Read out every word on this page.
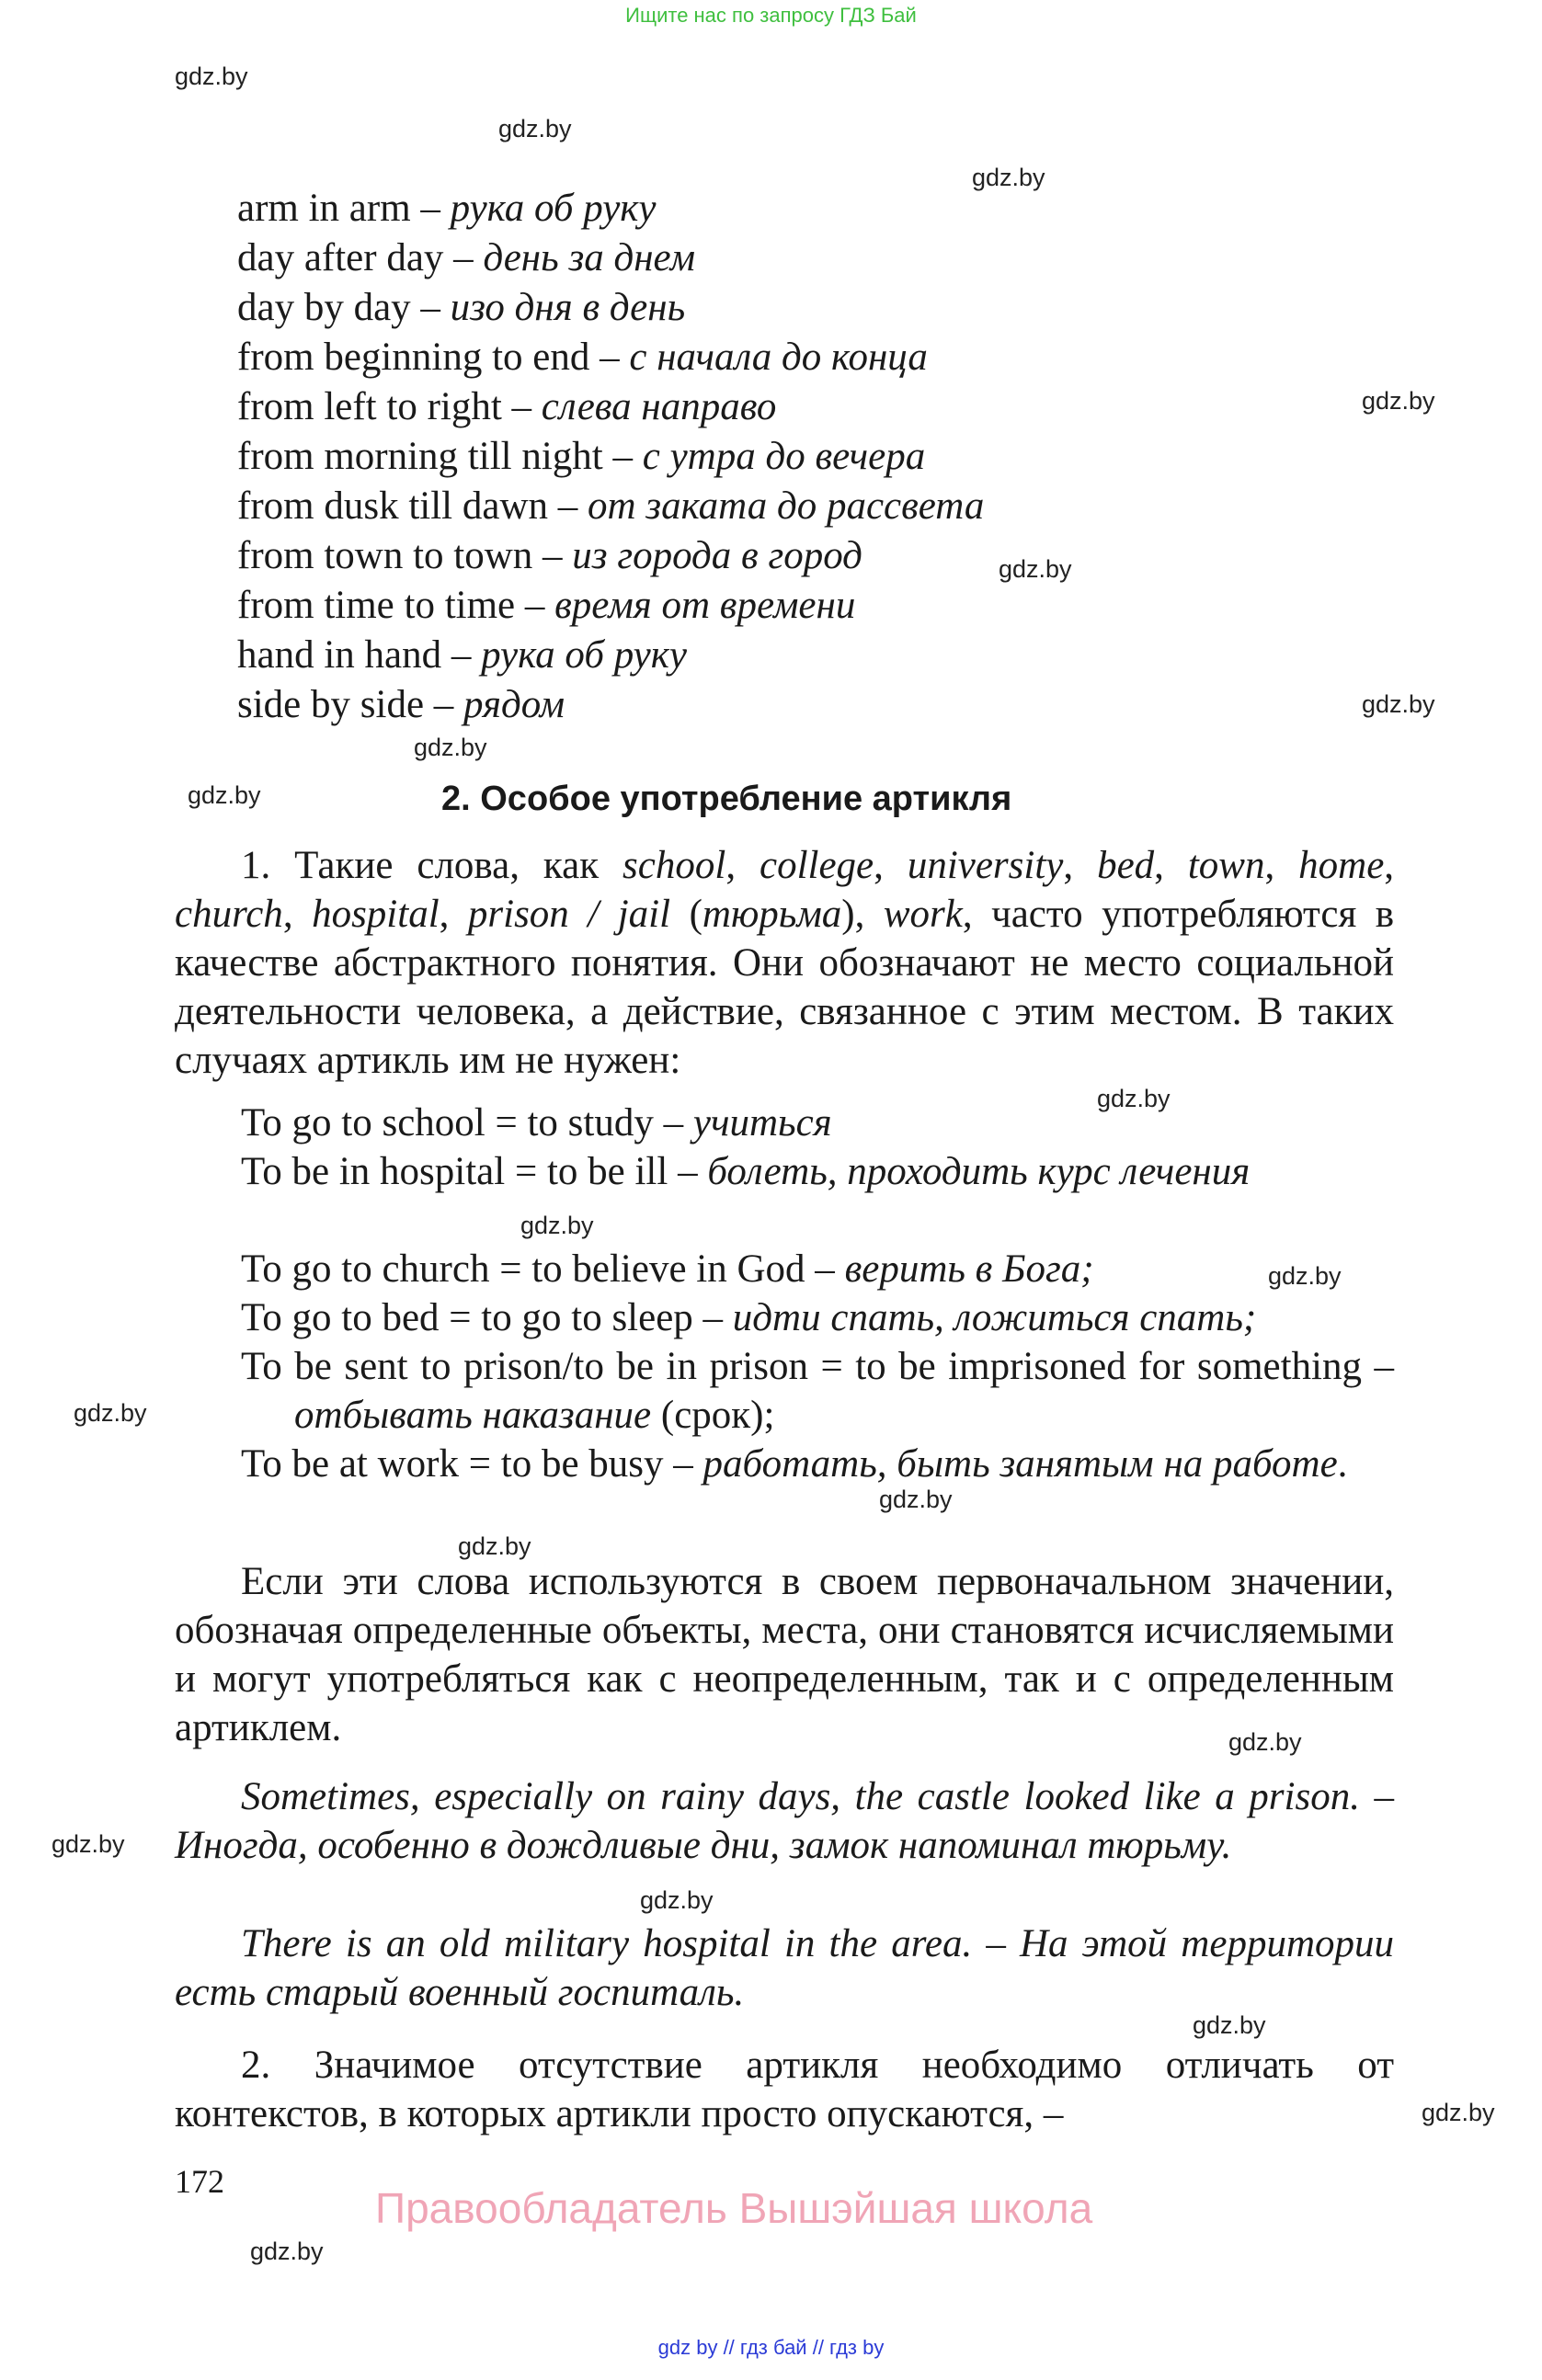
Ищите нас по запросу ГДЗ Бай
gdz.by
gdz.by
gdz.by
gdz.by
gdz.by
gdz.by
gdz.by
gdz.by
gdz.by
gdz.by
gdz.by
gdz.by
gdz.by
gdz.by
gdz.by
gdz.by
gdz.by
gdz.by
gdz.by
gdz.by
arm in arm – рука об руку
day after day – день за днем
day by day – изо дня в день
from beginning to end – с начала до конца
from left to right – слева направо
from morning till night – с утра до вечера
from dusk till dawn – от заката до рассвета
from town to town – из города в город
from time to time – время от времени
hand in hand – рука об руку
side by side – рядом
2. Особое употребление артикля
1. Такие слова, как school, college, university, bed, town, home, church, hospital, prison / jail (тюрьма), work, часто употребляются в качестве абстрактного понятия. Они обозначают не место социальной деятельности человека, а действие, связанное с этим местом. В таких случаях артикль им не нужен:
To go to school = to study – учиться
To be in hospital = to be ill – болеть, проходить курс лечения
To go to church = to believe in God – верить в Бога;
To go to bed = to go to sleep – идти спать, ложиться спать;
To be sent to prison/to be in prison = to be imprisoned for something – отбывать наказание (срок);
To be at work = to be busy – работать, быть занятым на работе.
Если эти слова используются в своем первоначальном значении, обозначая определенные объекты, места, они становятся исчисляемыми и могут употребляться как с неопределенным, так и с определенным артиклем.
Sometimes, especially on rainy days, the castle looked like a prison. – Иногда, особенно в дождливые дни, замок напоминал тюрьму.
There is an old military hospital in the area. – На этой территории есть старый военный госпиталь.
2. Значимое отсутствие артикля необходимо отличать от контекстов, в которых артикли просто опускаются, –
172
Правообладатель Вышэйшая школа
gdz by // гдз бай // гдз by
